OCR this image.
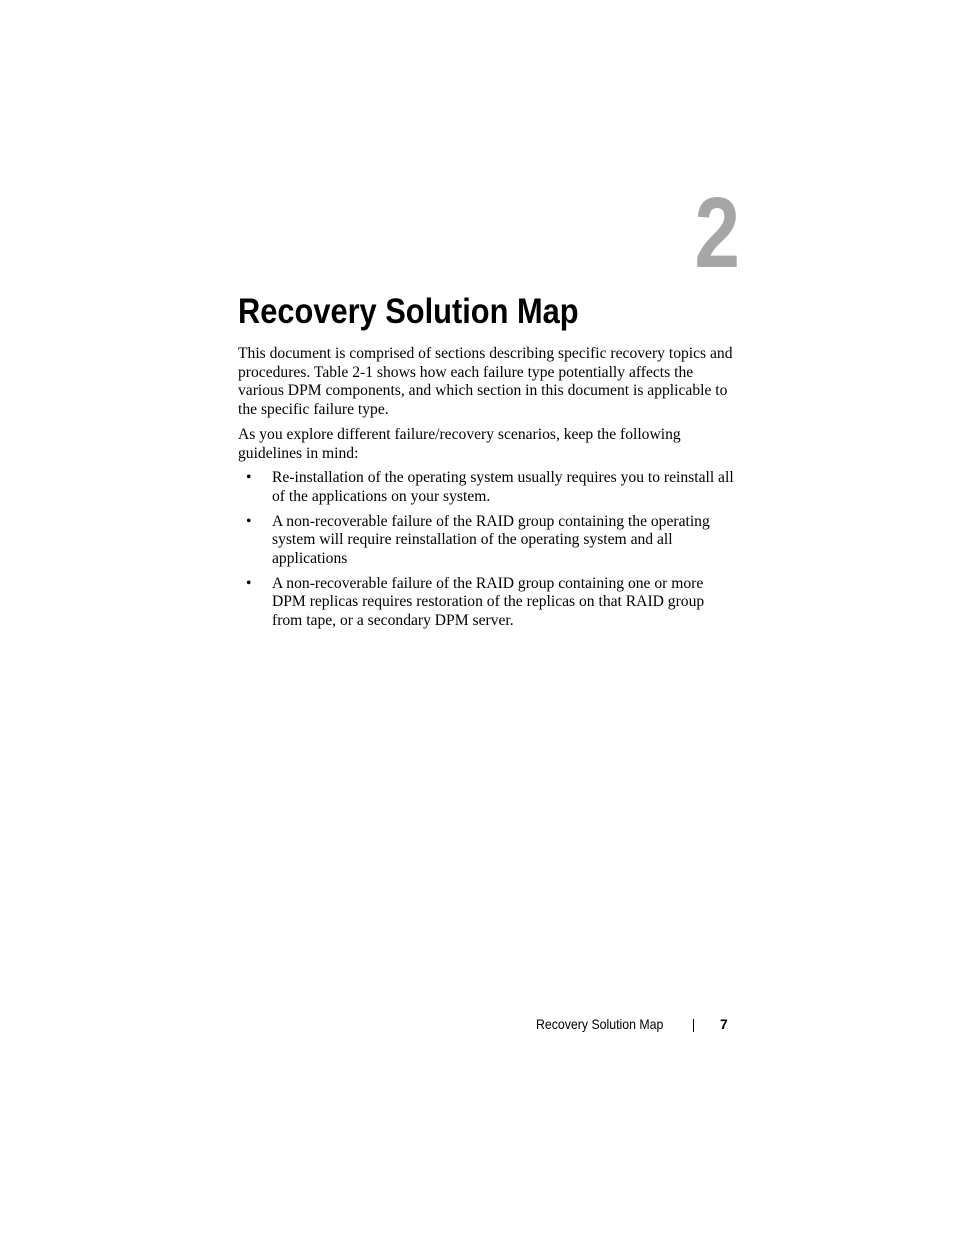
2
Recovery Solution Map

This document is comprised of sections describing specific recovery topics and procedures. Table 2-1 shows how each failure type potentially affects the various DPM components, and which section in this document is applicable to the specific failure type.

As you explore different failure/recovery scenarios, keep the following guidelines in mind:

• Re-installation of the operating system usually requires you to reinstall all of the applications on your system.
• A non-recoverable failure of the RAID group containing the operating system will require reinstallation of the operating system and all applications
• A non-recoverable failure of the RAID group containing one or more DPM replicas requires restoration of the replicas on that RAID group from tape, or a secondary DPM server.
Recovery Solution Map	7
